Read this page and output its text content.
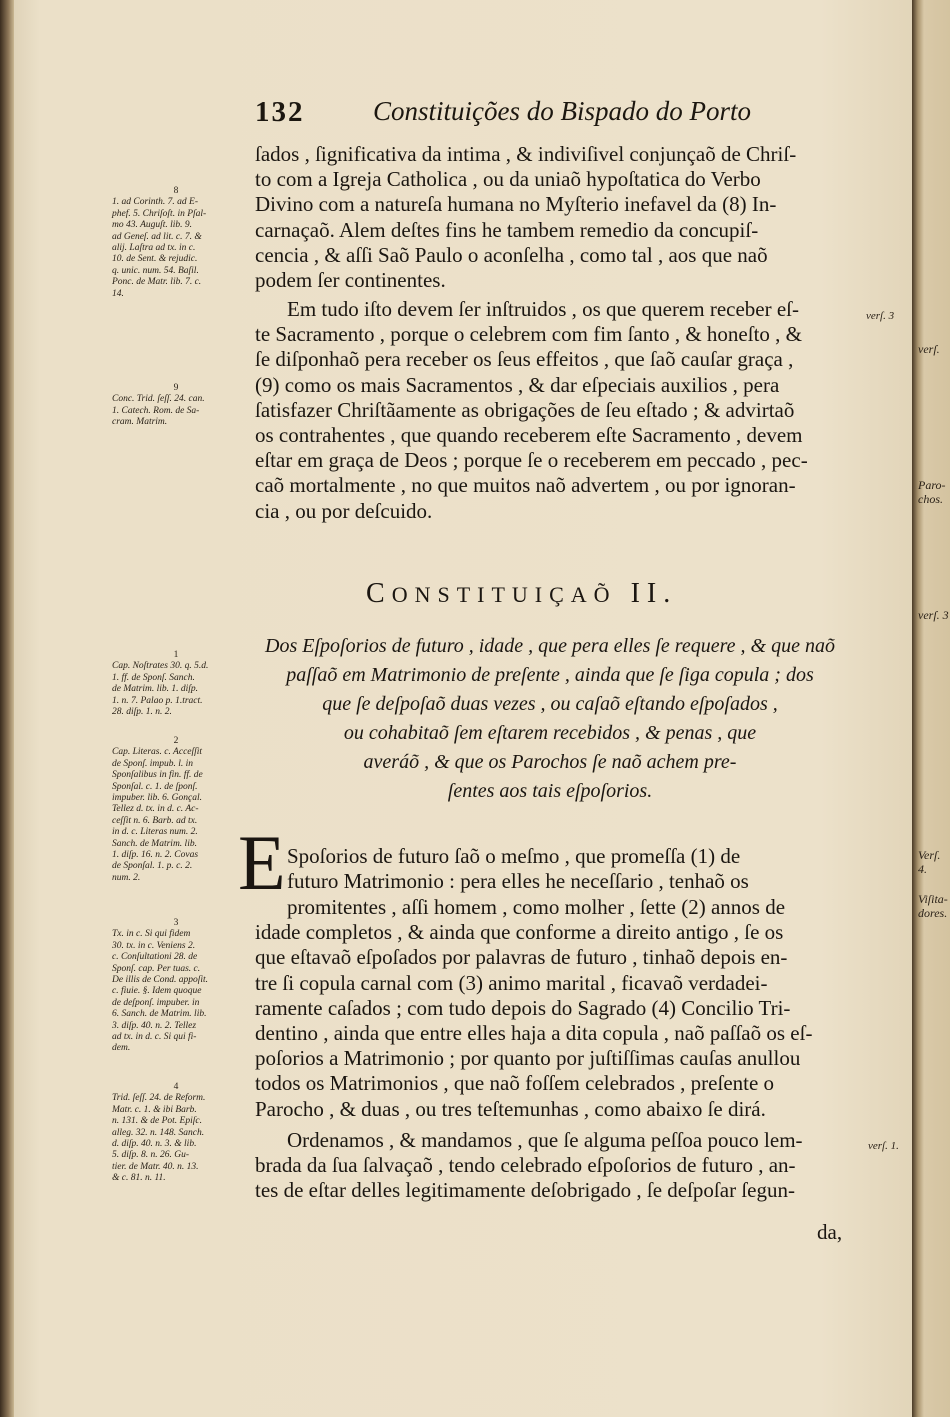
132	Constituições do Bispado do Porto
ſados , ſignificativa da intima , & indiviſivel conjunçaõ de Chriſ-
to com a Igreja Catholica , ou da uniaõ hypoſtatica do Verbo
Divino com a natureſa humana no Myſterio inefavel da (8) In-
carnaçaõ. Alem deſtes fins he tambem remedio da concupiſ-
cencia , & aſſi Saõ Paulo o aconſelha , como tal , aos que naõ
podem ſer continentes.
Em tudo iſto devem ſer inſtruidos , os que querem receber eſ-
te Sacramento , porque o celebrem com fim ſanto , & honeſto , &
ſe diſponhaõ pera receber os ſeus effeitos , que ſaõ cauſar graça ,
(9) como os mais Sacramentos , & dar eſpeciais auxilios , pera
ſatisfazer Chriſtãamente as obrigações de ſeu eſtado ; & advirtaõ
os contrahentes , que quando receberem eſte Sacramento , devem
eſtar em graça de Deos ; porque ſe o receberem em peccado , pec-
caõ mortalmente , no que muitos naõ advertem , ou por ignoran-
cia , ou por deſcuido.
CONSTITUIÇAÕ II.
Dos Eſpoſorios de futuro , idade , que pera elles ſe requere , & que naõ
paſſaõ em Matrimonio de preſente , ainda que ſe ſiga copula ; dos
que ſe deſpoſaõ duas vezes , ou caſaõ eſtando eſpoſados ,
ou cohabitaõ ſem eſtarem recebidos , & penas , que
averáõ , & que os Parochos ſe naõ achem pre-
ſentes aos tais eſpoſorios.
E Spoſorios de futuro ſaõ o meſmo , que promeſſa (1) de
futuro Matrimonio : pera elles he neceſſario , tenhaõ os
promitentes , aſſi homem , como molher , ſette (2) annos de
idade completos , & ainda que conforme a direito antigo , ſe os
que eſtavaõ eſpoſados por palavras de futuro , tinhaõ depois en-
tre ſi copula carnal com (3) animo marital , ficavaõ verdadei-
ramente caſados ; com tudo depois do Sagrado (4) Concilio Tri-
dentino , ainda que entre elles haja a dita copula , naõ paſſaõ os eſ-
poſorios a Matrimonio ; por quanto por juſtiſſimas cauſas anullou
todos os Matrimonios , que naõ foſſem celebrados , preſente o
Parocho , & duas , ou tres teſtemunhas , como abaixo ſe dirá.
Ordenamos , & mandamos , que ſe alguma peſſoa pouco lem-
brada da ſua ſalvaçaõ , tendo celebrado eſpoſorios de futuro , an-
tes de eſtar delles legitimamente deſobrigado , ſe deſpoſar ſegun-
da,
verſ. 3
verſ. 1.
8
1. ad Corinth. 7. ad E-
phef. 5. Chriſoſt. in Pſal-
mo 43. Auguſt. lib. 9.
ad Geneſ. ad lit. c. 7. &
alij. Laſtra ad tx. in c.
10. de Sent. & rejudic.
q. unic. num. 54. Baſil.
Ponc. de Matr. lib. 7. c.
14.
9
Conc. Trid. ſeſſ. 24. can.
1. Catech. Rom. de Sa-
cram. Matrim.
1
Cap. Noſtrates 30. q. 5.d.
1. ff. de Sponſ. Sanch.
de Matrim. lib. 1. diſp.
1. n. 7. Palao p. 1.tract.
28. diſp. 1. n. 2.
2
Cap. Literas. c. Acceſſit
de Sponſ. impub. l. in
Sponſalibus in fin. ff. de
Sponſal. c. 1. de ſponſ.
impuber. lib. 6. Gonçal.
Tellez d. tx. in d. c. Ac-
ceſſit n. 6. Barb. ad tx.
in d. c. Literas num. 2.
Sanch. de Matrim. lib.
1. diſp. 16. n. 2. Covas
de Sponſal. 1. p. c. 2.
num. 2.
3
Tx. in c. Si qui fidem
30. tx. in c. Veniens 2.
c. Conſultationi 28. de
Sponſ. cap. Per tuas. c.
De illis de Cond. appoſit.
c. fiuie. §. Idem quoque
de deſponſ. impuber. in
6. Sanch. de Matrim. lib.
3. diſp. 40. n. 2. Tellez
ad tx. in d. c. Si qui fi-
dem.
4
Trid. ſeſſ. 24. de Reform.
Matr. c. 1. & ibi Barb.
n. 131. & de Pot. Epiſc.
alleg. 32. n. 148. Sanch.
d. diſp. 40. n. 3. & lib.
5. diſp. 8. n. 26. Gu-
tier. de Matr. 40. n. 13.
& c. 81. n. 11.
verſ.
Paro-
chos.
verſ. 3
Verſ. 4.
Viſita-
dores.
